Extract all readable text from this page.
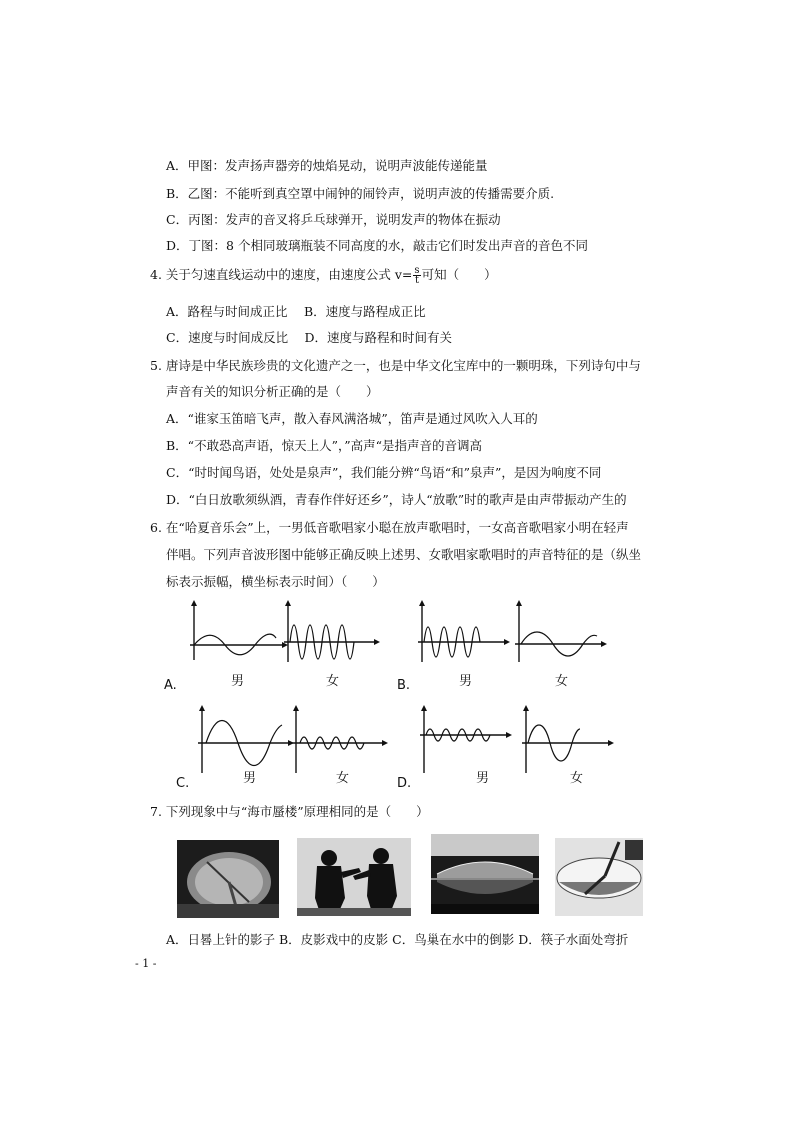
A．甲图：发声扬声器旁的烛焰晃动，说明声波能传递能量
B．乙图：不能听到真空罩中闹钟的闹铃声，说明声波的传播需要介质.
C．丙图：发声的音叉将乒乓球弹开，说明发声的物体在振动
D．丁图：8 个相同玻璃瓶装不同高度的水，敲击它们时发出声音的音色不同
4. 关于匀速直线运动中的速度，由速度公式 $v= \frac{s}{t}$ 可知（　　）
A．路程与时间成正比　 B．速度与路程成正比
C．速度与时间成反比　 D．速度与路程和时间有关
5. 唐诗是中华民族珍贵的文化遗产之一，也是中华文化宝库中的一颗明珠，下列诗句中与
声音有关的知识分析正确的是（　　）
A．“谁家玉笛暗飞声，散入春风满洛城”，笛声是通过风吹入人耳的
B．“不敢恐高声语，惊天上人”，”高声“是指声音的音调高
C．“时时闻鸟语，处处是泉声”，我们能分辨“鸟语“和”泉声”，是因为响度不同
D．“白日放歌须纵酒，青春作伴好还乡”，诗人“放歌”时的歌声是由声带振动产生的
6. 在“哈夏音乐会”上，一男低音歌唱家小聪在放声歌唱时，一女高音歌唱家小明在轻声
伴唱。下列声音波形图中能够正确反映上述男、女歌唱家歌唱时的声音特征的是（纵坐
标表示振幅，横坐标表示时间）（　　）
A.	男	女	B.	男	女
C.	男	女	D.	男	女
7. 下列现象中与“海市蜃楼”原理相同的是（　　）
A．日晷上针的影子 B．皮影戏中的皮影 C．鸟巢在水中的倒影 D．筷子水面处弯折
- 1 -
